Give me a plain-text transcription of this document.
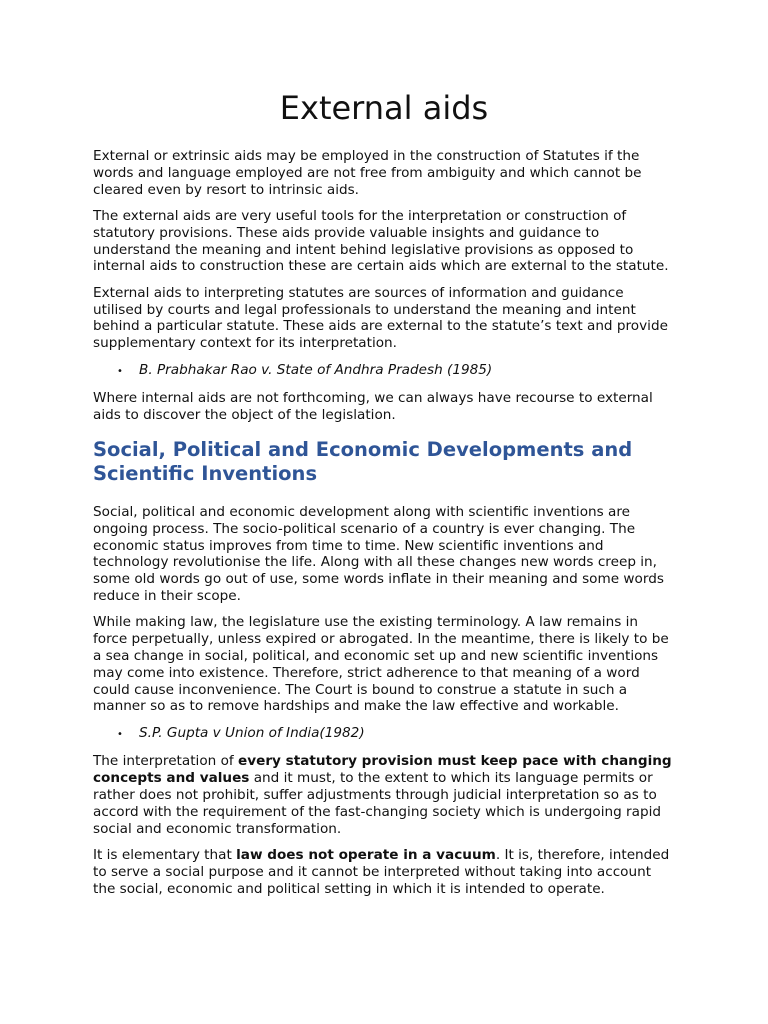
External aids

External or extrinsic aids may be employed in the construction of Statutes if the words and language employed are not free from ambiguity and which cannot be cleared even by resort to intrinsic aids.

The external aids are very useful tools for the interpretation or construction of statutory provisions. These aids provide valuable insights and guidance to understand the meaning and intent behind legislative provisions as opposed to internal aids to construction these are certain aids which are external to the statute.

External aids to interpreting statutes are sources of information and guidance utilised by courts and legal professionals to understand the meaning and intent behind a particular statute. These aids are external to the statute’s text and provide supplementary context for its interpretation.

•	B. Prabhakar Rao v. State of Andhra Pradesh (1985)

Where internal aids are not forthcoming, we can always have recourse to external aids to discover the object of the legislation.

Social, Political and Economic Developments and Scientific Inventions

Social, political and economic development along with scientific inventions are ongoing process. The socio-political scenario of a country is ever changing. The economic status improves from time to time. New scientific inventions and technology revolutionise the life. Along with all these changes new words creep in, some old words go out of use, some words inflate in their meaning and some words reduce in their scope.

While making law, the legislature use the existing terminology. A law remains in force perpetually, unless expired or abrogated. In the meantime, there is likely to be a sea change in social, political, and economic set up and new scientific inventions may come into existence. Therefore, strict adherence to that meaning of a word could cause inconvenience. The Court is bound to construe a statute in such a manner so as to remove hardships and make the law effective and workable.

•	S.P. Gupta v Union of India(1982)

The interpretation of every statutory provision must keep pace with changing concepts and values and it must, to the extent to which its language permits or rather does not prohibit, suffer adjustments through judicial interpretation so as to accord with the requirement of the fast-changing society which is undergoing rapid social and economic transformation.

It is elementary that law does not operate in a vacuum. It is, therefore, intended to serve a social purpose and it cannot be interpreted without taking into account the social, economic and political setting in which it is intended to operate.
